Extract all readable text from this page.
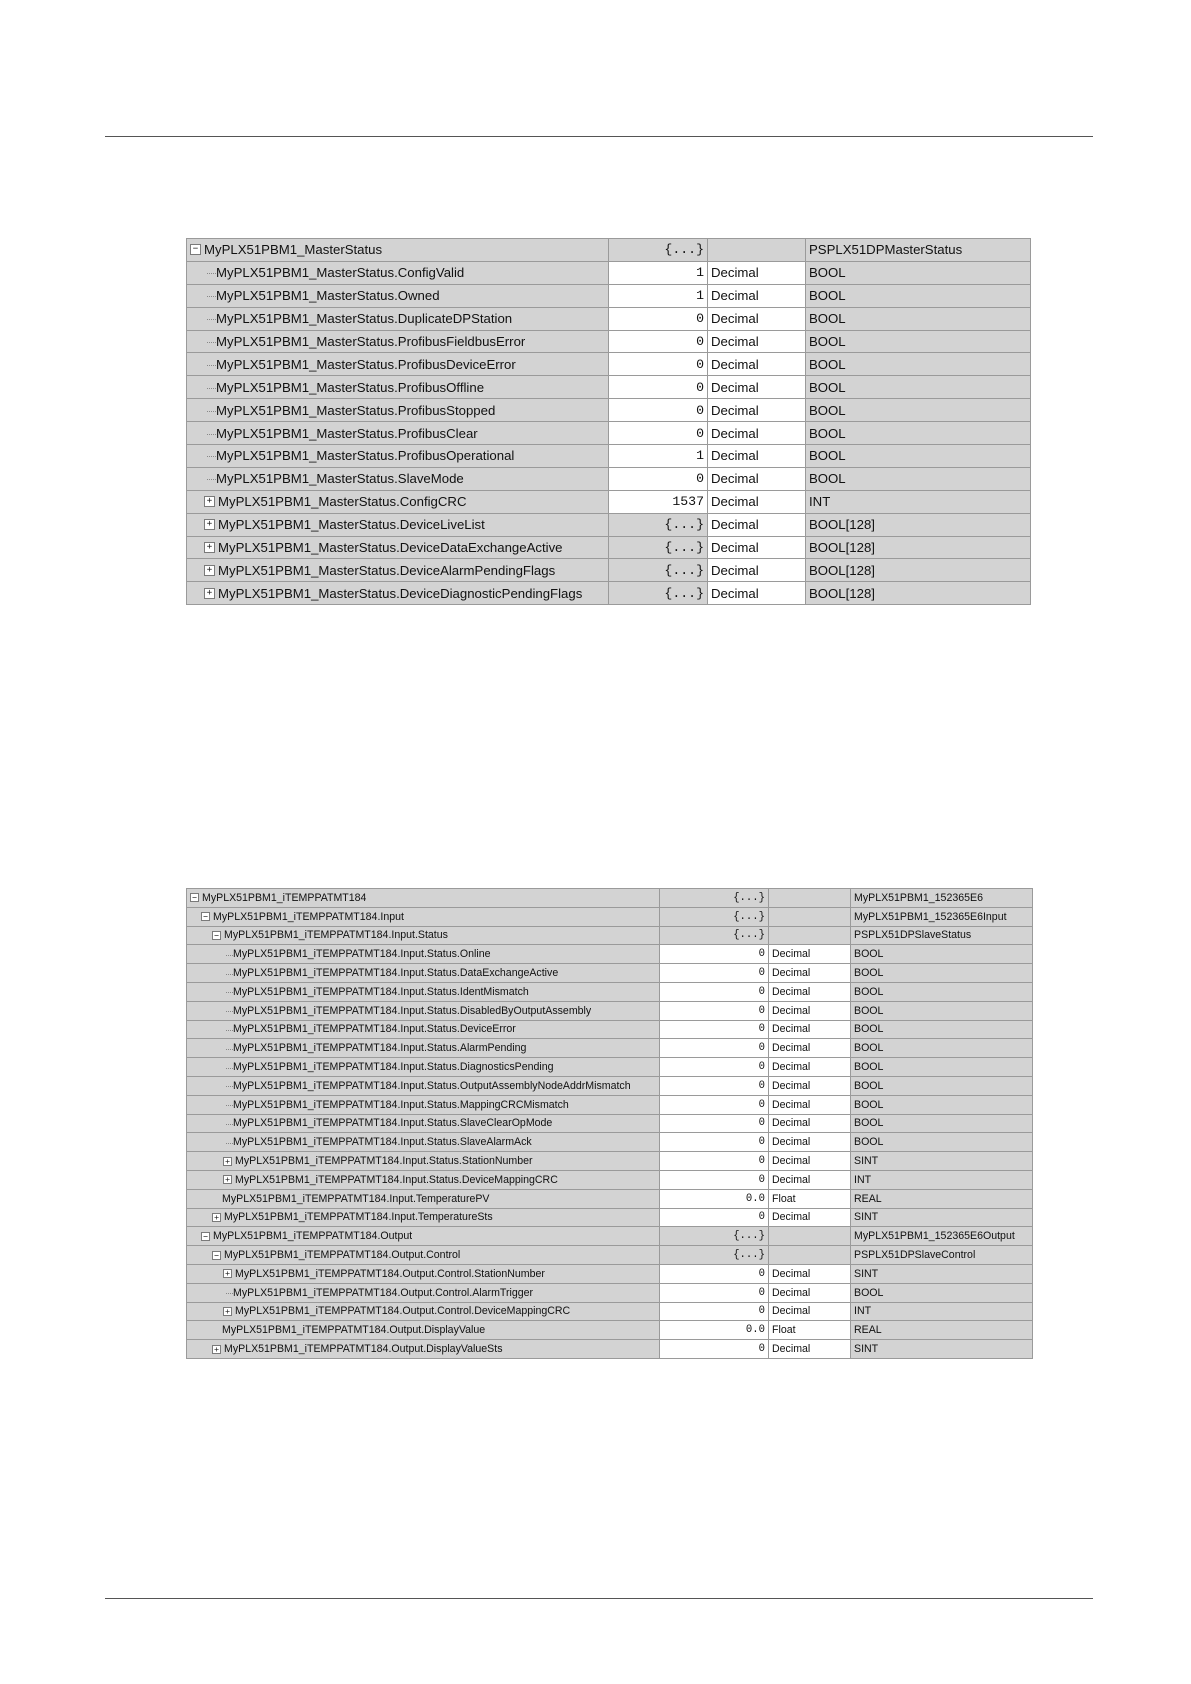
− MyPLX51PBM1_MasterStatus	{...}		PSPLX51DPMasterStatus

MyPLX51PBM1_MasterStatus.ConfigValid	1	Decimal	BOOL

MyPLX51PBM1_MasterStatus.Owned	1	Decimal	BOOL

MyPLX51PBM1_MasterStatus.DuplicateDPStation	0	Decimal	BOOL

MyPLX51PBM1_MasterStatus.ProfibusFieldbusError	0	Decimal	BOOL

MyPLX51PBM1_MasterStatus.ProfibusDeviceError	0	Decimal	BOOL

MyPLX51PBM1_MasterStatus.ProfibusOffline	0	Decimal	BOOL

MyPLX51PBM1_MasterStatus.ProfibusStopped	0	Decimal	BOOL

MyPLX51PBM1_MasterStatus.ProfibusClear	0	Decimal	BOOL

MyPLX51PBM1_MasterStatus.ProfibusOperational	1	Decimal	BOOL

MyPLX51PBM1_MasterStatus.SlaveMode	0	Decimal	BOOL

+ MyPLX51PBM1_MasterStatus.ConfigCRC	1537	Decimal	INT

+ MyPLX51PBM1_MasterStatus.DeviceLiveList	{...}	Decimal	BOOL[128]

+ MyPLX51PBM1_MasterStatus.DeviceDataExchangeActive	{...}	Decimal	BOOL[128]

+ MyPLX51PBM1_MasterStatus.DeviceAlarmPendingFlags	{...}	Decimal	BOOL[128]

+ MyPLX51PBM1_MasterStatus.DeviceDiagnosticPendingFlags	{...}	Decimal	BOOL[128]
− MyPLX51PBM1_iTEMPPATMT184	{...}		MyPLX51PBM1_152365E6

− MyPLX51PBM1_iTEMPPATMT184.Input	{...}		MyPLX51PBM1_152365E6Input

− MyPLX51PBM1_iTEMPPATMT184.Input.Status	{...}		PSPLX51DPSlaveStatus

MyPLX51PBM1_iTEMPPATMT184.Input.Status.Online	0	Decimal	BOOL

MyPLX51PBM1_iTEMPPATMT184.Input.Status.DataExchangeActive	0	Decimal	BOOL

MyPLX51PBM1_iTEMPPATMT184.Input.Status.IdentMismatch	0	Decimal	BOOL

MyPLX51PBM1_iTEMPPATMT184.Input.Status.DisabledByOutputAssembly	0	Decimal	BOOL

MyPLX51PBM1_iTEMPPATMT184.Input.Status.DeviceError	0	Decimal	BOOL

MyPLX51PBM1_iTEMPPATMT184.Input.Status.AlarmPending	0	Decimal	BOOL

MyPLX51PBM1_iTEMPPATMT184.Input.Status.DiagnosticsPending	0	Decimal	BOOL

MyPLX51PBM1_iTEMPPATMT184.Input.Status.OutputAssemblyNodeAddrMismatch	0	Decimal	BOOL

MyPLX51PBM1_iTEMPPATMT184.Input.Status.MappingCRCMismatch	0	Decimal	BOOL

MyPLX51PBM1_iTEMPPATMT184.Input.Status.SlaveClearOpMode	0	Decimal	BOOL

MyPLX51PBM1_iTEMPPATMT184.Input.Status.SlaveAlarmAck	0	Decimal	BOOL

+ MyPLX51PBM1_iTEMPPATMT184.Input.Status.StationNumber	0	Decimal	SINT

+ MyPLX51PBM1_iTEMPPATMT184.Input.Status.DeviceMappingCRC	0	Decimal	INT

MyPLX51PBM1_iTEMPPATMT184.Input.TemperaturePV	0.0	Float	REAL

+ MyPLX51PBM1_iTEMPPATMT184.Input.TemperatureSts	0	Decimal	SINT

− MyPLX51PBM1_iTEMPPATMT184.Output	{...}		MyPLX51PBM1_152365E6Output

− MyPLX51PBM1_iTEMPPATMT184.Output.Control	{...}		PSPLX51DPSlaveControl

+ MyPLX51PBM1_iTEMPPATMT184.Output.Control.StationNumber	0	Decimal	SINT

MyPLX51PBM1_iTEMPPATMT184.Output.Control.AlarmTrigger	0	Decimal	BOOL

+ MyPLX51PBM1_iTEMPPATMT184.Output.Control.DeviceMappingCRC	0	Decimal	INT

MyPLX51PBM1_iTEMPPATMT184.Output.DisplayValue	0.0	Float	REAL

+ MyPLX51PBM1_iTEMPPATMT184.Output.DisplayValueSts	0	Decimal	SINT
